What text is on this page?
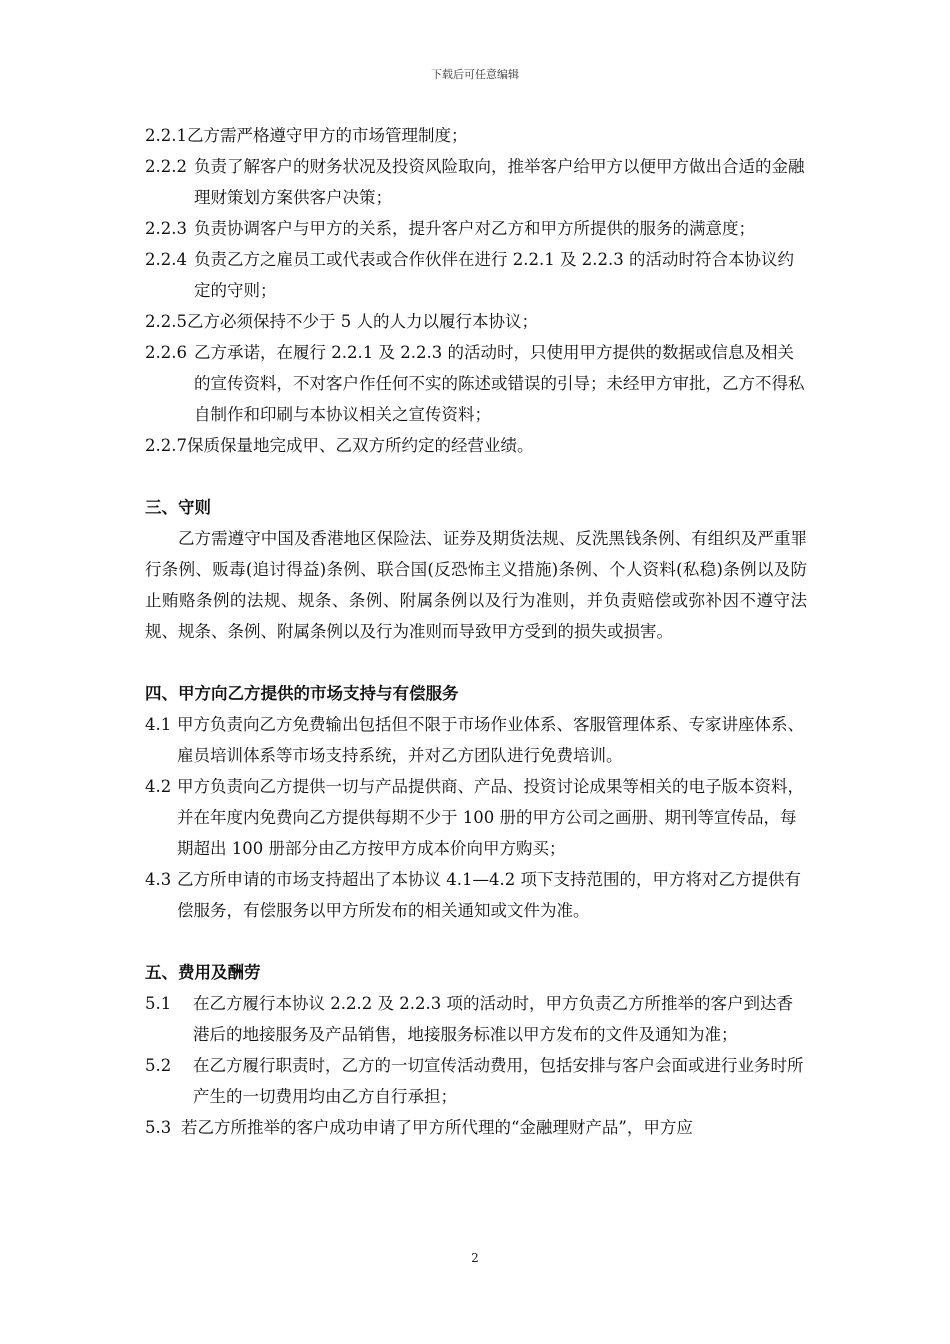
下载后可任意编辑
2.2.1 乙方需严格遵守甲方的市场管理制度；
2.2.2 负责了解客户的财务状况及投资风险取向，推举客户给甲方以便甲方做出合适的金融理财策划方案供客户决策；
2.2.3 负责协调客户与甲方的关系，提升客户对乙方和甲方所提供的服务的满意度；
2.2.4 负责乙方之雇员工或代表或合作伙伴在进行 2.2.1 及 2.2.3 的活动时符合本协议约定的守则；
2.2.5 乙方必须保持不少于 5 人的人力以履行本协议；
2.2.6 乙方承诺，在履行 2.2.1 及 2.2.3 的活动时，只使用甲方提供的数据或信息及相关的宣传资料，不对客户作任何不实的陈述或错误的引导；未经甲方审批，乙方不得私自制作和印刷与本协议相关之宣传资料；
2.2.7 保质保量地完成甲、乙双方所约定的经营业绩。

三、守则

乙方需遵守中国及香港地区保险法、证券及期货法规、反洗黑钱条例、有组织及严重罪行条例、贩毒(追讨得益)条例、联合国(反恐怖主义措施)条例、个人资料(私稳)条例以及防止贿赂条例的法规、规条、条例、附属条例以及行为准则，并负责赔偿或弥补因不遵守法规、规条、条例、附属条例以及行为准则而导致甲方受到的损失或损害。

四、甲方向乙方提供的市场支持与有偿服务

4.1 甲方负责向乙方免费输出包括但不限于市场作业体系、客服管理体系、专家讲座体系、雇员培训体系等市场支持系统，并对乙方团队进行免费培训。
4.2 甲方负责向乙方提供一切与产品提供商、产品、投资讨论成果等相关的电子版本资料，并在年度内免费向乙方提供每期不少于 100 册的甲方公司之画册、期刊等宣传品，每期超出 100 册部分由乙方按甲方成本价向甲方购买；
4.3 乙方所申请的市场支持超出了本协议 4.1—4.2 项下支持范围的，甲方将对乙方提供有偿服务，有偿服务以甲方所发布的相关通知或文件为准。

五、费用及酬劳

5.1 在乙方履行本协议 2.2.2 及 2.2.3 项的活动时，甲方负责乙方所推举的客户到达香港后的地接服务及产品销售，地接服务标准以甲方发布的文件及通知为准；
5.2 在乙方履行职责时，乙方的一切宣传活动费用，包括安排与客户会面或进行业务时所产生的一切费用均由乙方自行承担；
5.3 若乙方所推举的客户成功申请了甲方所代理的“金融理财产品”，甲方应
2
